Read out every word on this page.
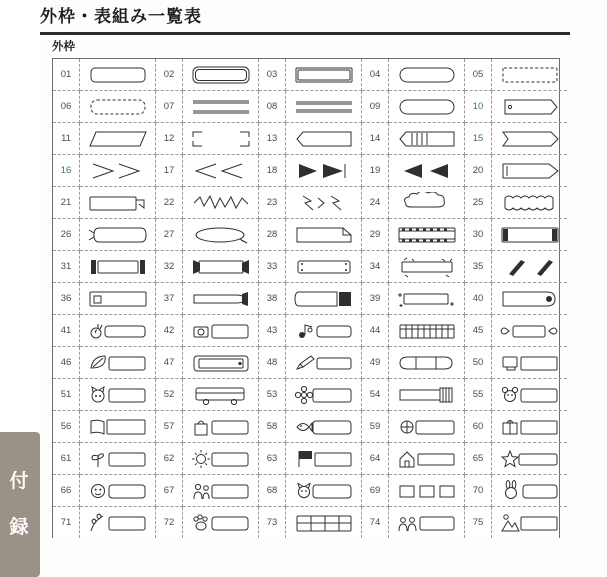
外枠・表組み一覧表
外枠
01		02		03		04		05	

06		07		08		09		10	

11		12		13		14		15	

16		17		18		19		20	

21		22		23		24		25	

26		27		28		29		30	

31		32		33		34		35	

36		37		38		39		40	

41		42		43		44		45	

46		47		48		49		50	

51		52		53		54		55	

56		57		58		59		60	

61		62		63		64		65	

66		67		68		69		70	

71		72		73		74		75	
付
録
